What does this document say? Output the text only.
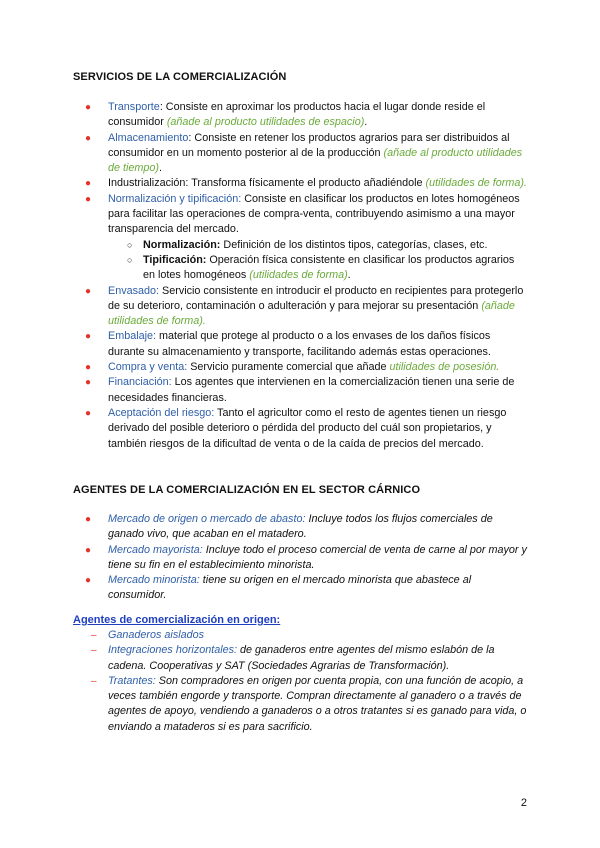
SERVICIOS DE LA COMERCIALIZACIÓN
● Transporte: Consiste en aproximar los productos hacia el lugar donde reside el consumidor (añade al producto utilidades de espacio).
● Almacenamiento: Consiste en retener los productos agrarios para ser distribuidos al consumidor en un momento posterior al de la producción (añade al producto utilidades de tiempo).
● Industrialización: Transforma físicamente el producto añadiéndole (utilidades de forma).
● Normalización y tipificación: Consiste en clasificar los productos en lotes homogéneos para facilitar las operaciones de compra-venta, contribuyendo asimismo a una mayor transparencia del mercado.
○ Normalización: Definición de los distintos tipos, categorías, clases, etc.
○ Tipificación: Operación física consistente en clasificar los productos agrarios en lotes homogéneos (utilidades de forma).
● Envasado: Servicio consistente en introducir el producto en recipientes para protegerlo de su deterioro, contaminación o adulteración y para mejorar su presentación (añade utilidades de forma).
● Embalaje: material que protege al producto o a los envases de los daños físicos durante su almacenamiento y transporte, facilitando además estas operaciones.
● Compra y venta: Servicio puramente comercial que añade utilidades de posesión.
● Financiación: Los agentes que intervienen en la comercialización tienen una serie de necesidades financieras.
● Aceptación del riesgo: Tanto el agricultor como el resto de agentes tienen un riesgo derivado del posible deterioro o pérdida del producto del cuál son propietarios, y también riesgos de la dificultad de venta o de la caída de precios del mercado.
AGENTES DE LA COMERCIALIZACIÓN EN EL SECTOR CÁRNICO
● Mercado de origen o mercado de abasto: Incluye todos los flujos comerciales de ganado vivo, que acaban en el matadero.
● Mercado mayorista: Incluye todo el proceso comercial de venta de carne al por mayor y tiene su fin en el establecimiento minorista.
● Mercado minorista: tiene su origen en el mercado minorista que abastece al consumidor.
Agentes de comercialización en origen:
– Ganaderos aislados
– Integraciones horizontales: de ganaderos entre agentes del mismo eslabón de la cadena. Cooperativas y SAT (Sociedades Agrarias de Transformación).
– Tratantes: Son compradores en origen por cuenta propia, con una función de acopio, a veces también engorde y transporte. Compran directamente al ganadero o a través de agentes de apoyo, vendiendo a ganaderos o a otros tratantes si es ganado para vida, o enviando a mataderos si es para sacrificio.
2
